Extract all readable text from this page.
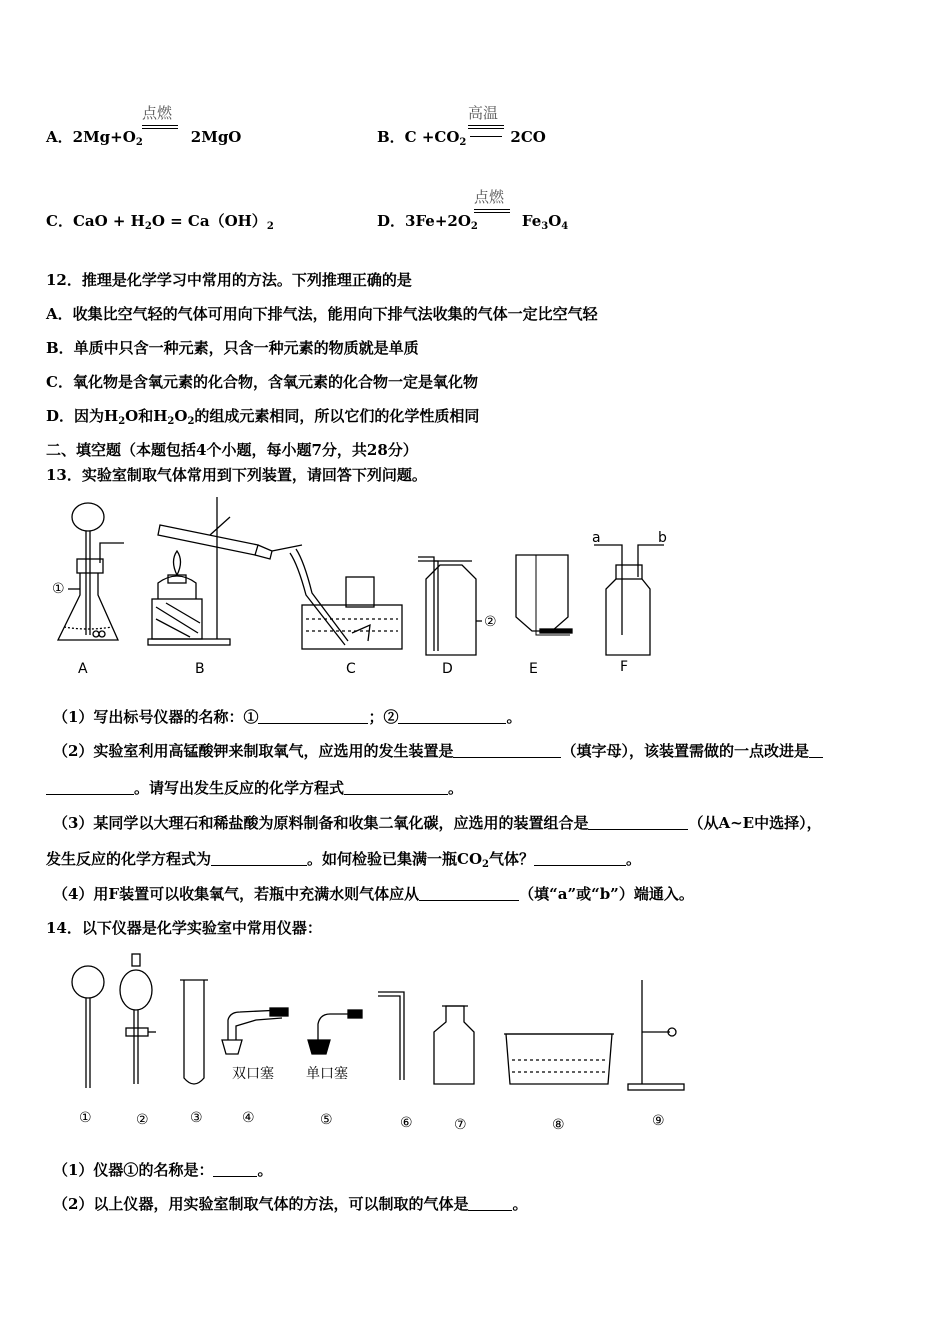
点燃
A．$2Mg+O_2$	2MgO
高温
B．$C +CO_2$	2CO
C．CaO + $H_2O = Ca(OH)_2$
点燃
D．$3Fe+2O_2$	$Fe_3O_4$
12．推理是化学学习中常用的方法。下列推理正确的是
A．收集比空气轻的气体可用向下排气法，能用向下排气法收集的气体一定比空气轻
B．单质中只含一种元素，只含一种元素的物质就是单质
C．氧化物是含氧元素的化合物，含氧元素的化合物一定是氧化物
D．因为$H_2O$和$H_2O_2$的组成元素相同，所以它们的化学性质相同
二、填空题（本题包括4个小题，每小题7分，共28分）
13．实验室制取气体常用到下列装置，请回答下列问题。
①
②
a	b
A	B	C	D	E	F
（1）写出标号仪器的名称：①	；②	。
（2）实验室利用高锰酸钾来制取氧气，应选用的发生装置是	（填字母），该装置需做的一点改进是
。请写出发生反应的化学方程式	。
（3）某同学以大理石和稀盐酸为原料制备和收集二氧化碳，应选用的装置组合是	（从A~E中选择），
发生反应的化学方程式为	。如何检验已集满一瓶$CO_2$气体？	。
（4）用F装置可以收集氧气，若瓶中充满水则气体应从	（填“a”或“b”）端通入。
14．以下仪器是化学实验室中常用仪器：
双口塞 单口塞
①	②	③	④	⑤	⑥	⑦	⑧	⑨
（1）仪器①的名称是：	。
（2）以上仪器，用实验室制取气体的方法，可以制取的气体是	。
